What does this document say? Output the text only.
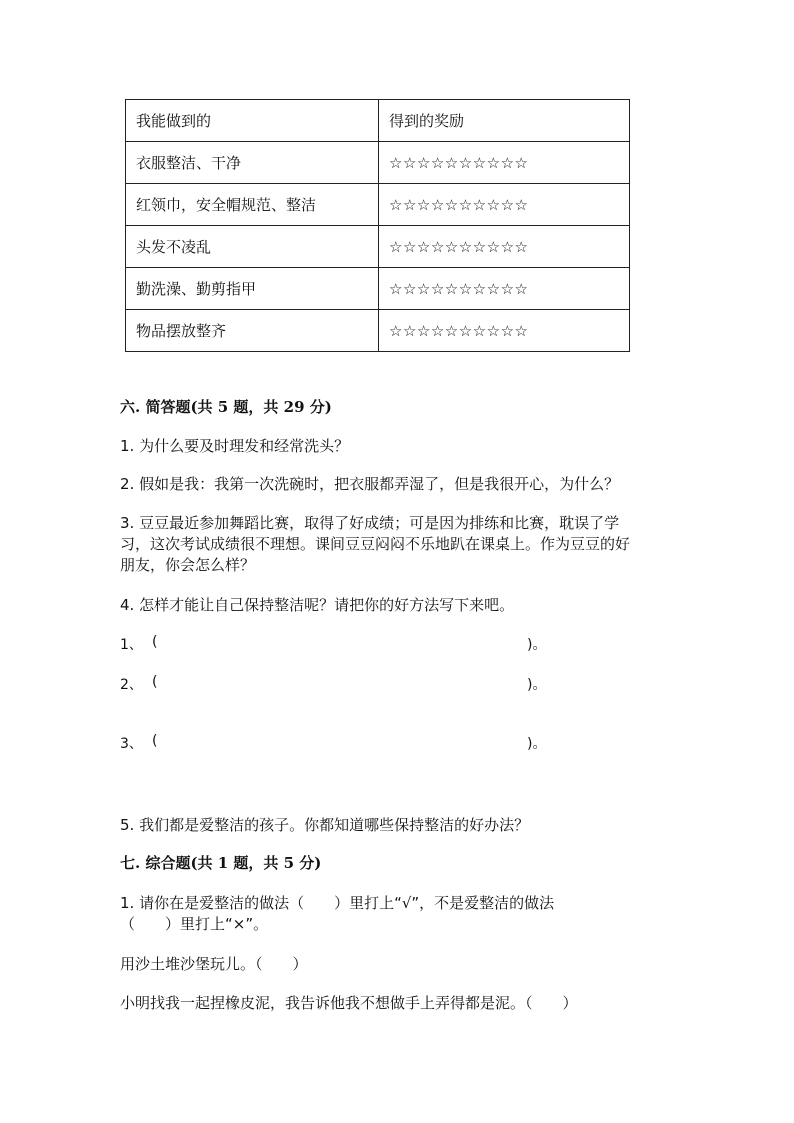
我能做到的	得到的奖励
衣服整洁、干净	☆☆☆☆☆☆☆☆☆☆
红领巾，安全帽规范、整洁	☆☆☆☆☆☆☆☆☆☆
头发不凌乱	☆☆☆☆☆☆☆☆☆☆
勤洗澡、勤剪指甲	☆☆☆☆☆☆☆☆☆☆
物品摆放整齐	☆☆☆☆☆☆☆☆☆☆
六. 简答题(共 5 题，共 29 分)
1. 为什么要及时理发和经常洗头？
2. 假如是我：我第一次洗碗时，把衣服都弄湿了，但是我很开心，为什么？
3. 豆豆最近参加舞蹈比赛，取得了好成绩；可是因为排练和比赛，耽误了学
习，这次考试成绩很不理想。课间豆豆闷闷不乐地趴在课桌上。作为豆豆的好
朋友，你会怎么样？
4. 怎样才能让自己保持整洁呢？请把你的好方法写下来吧。
1、 (	)。
2、 (	)。
3、 (	)。
5. 我们都是爱整洁的孩子。你都知道哪些保持整洁的好办法？
七. 综合题(共 1 题，共 5 分)
1. 请你在是爱整洁的做法（　　）里打上“√”，不是爱整洁的做法
（　　）里打上“×”。
用沙土堆沙堡玩儿。（　　）
小明找我一起捏橡皮泥，我告诉他我不想做手上弄得都是泥。（　　）
